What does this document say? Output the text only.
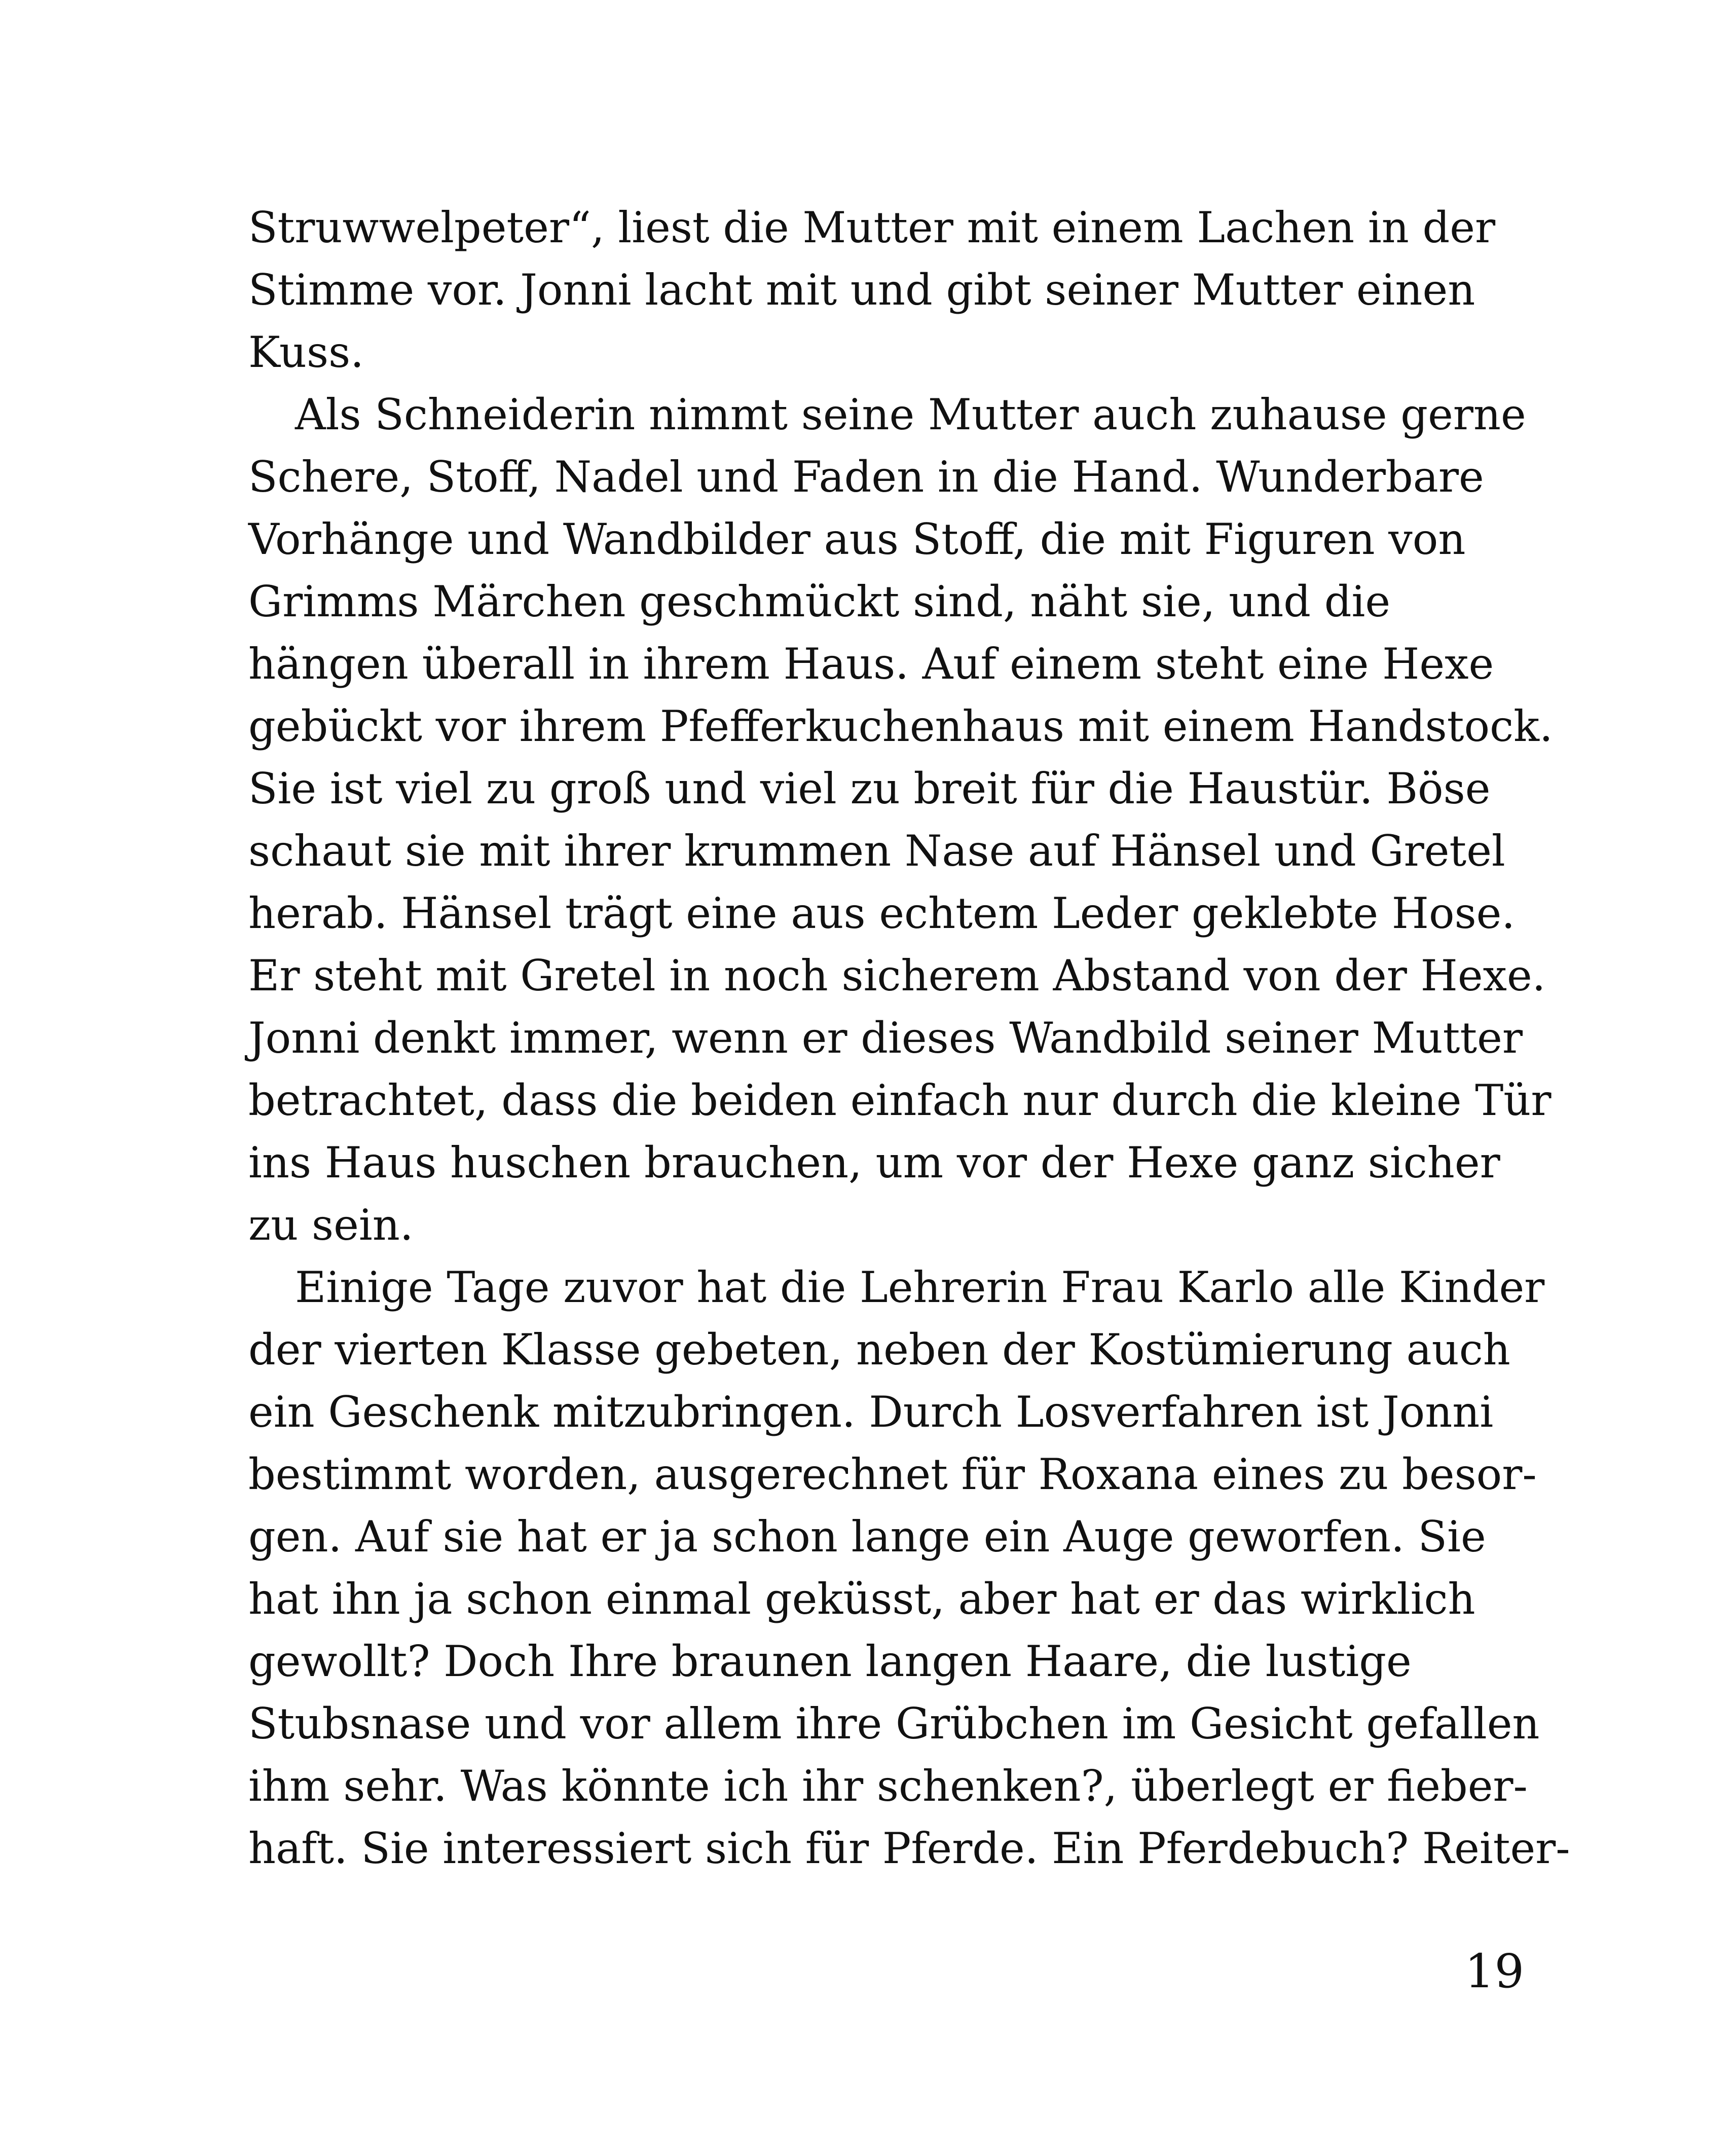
Struwwelpeter“, liest die Mutter mit einem Lachen in der
Stimme vor. Jonni lacht mit und gibt seiner Mutter einen
Kuss.
Als Schneiderin nimmt seine Mutter auch zuhause gerne
Schere, Stoff, Nadel und Faden in die Hand. Wunderbare
Vorhänge und Wandbilder aus Stoff, die mit Figuren von
Grimms Märchen geschmückt sind, näht sie, und die
hängen überall in ihrem Haus. Auf einem steht eine Hexe
gebückt vor ihrem Pfefferkuchenhaus mit einem Handstock.
Sie ist viel zu groß und viel zu breit für die Haustür. Böse
schaut sie mit ihrer krummen Nase auf Hänsel und Gretel
herab. Hänsel trägt eine aus echtem Leder geklebte Hose.
Er steht mit Gretel in noch sicherem Abstand von der Hexe.
Jonni denkt immer, wenn er dieses Wandbild seiner Mutter
betrachtet, dass die beiden einfach nur durch die kleine Tür
ins Haus huschen brauchen, um vor der Hexe ganz sicher
zu sein.
Einige Tage zuvor hat die Lehrerin Frau Karlo alle Kinder
der vierten Klasse gebeten, neben der Kostümierung auch
ein Geschenk mitzubringen. Durch Losverfahren ist Jonni
bestimmt worden, ausgerechnet für Roxana eines zu besor-
gen. Auf sie hat er ja schon lange ein Auge geworfen. Sie
hat ihn ja schon einmal geküsst, aber hat er das wirklich
gewollt? Doch Ihre braunen langen Haare, die lustige
Stubsnase und vor allem ihre Grübchen im Gesicht gefallen
ihm sehr. Was könnte ich ihr schenken?, überlegt er fieber-
haft. Sie interessiert sich für Pferde. Ein Pferdebuch? Reiter-
19
